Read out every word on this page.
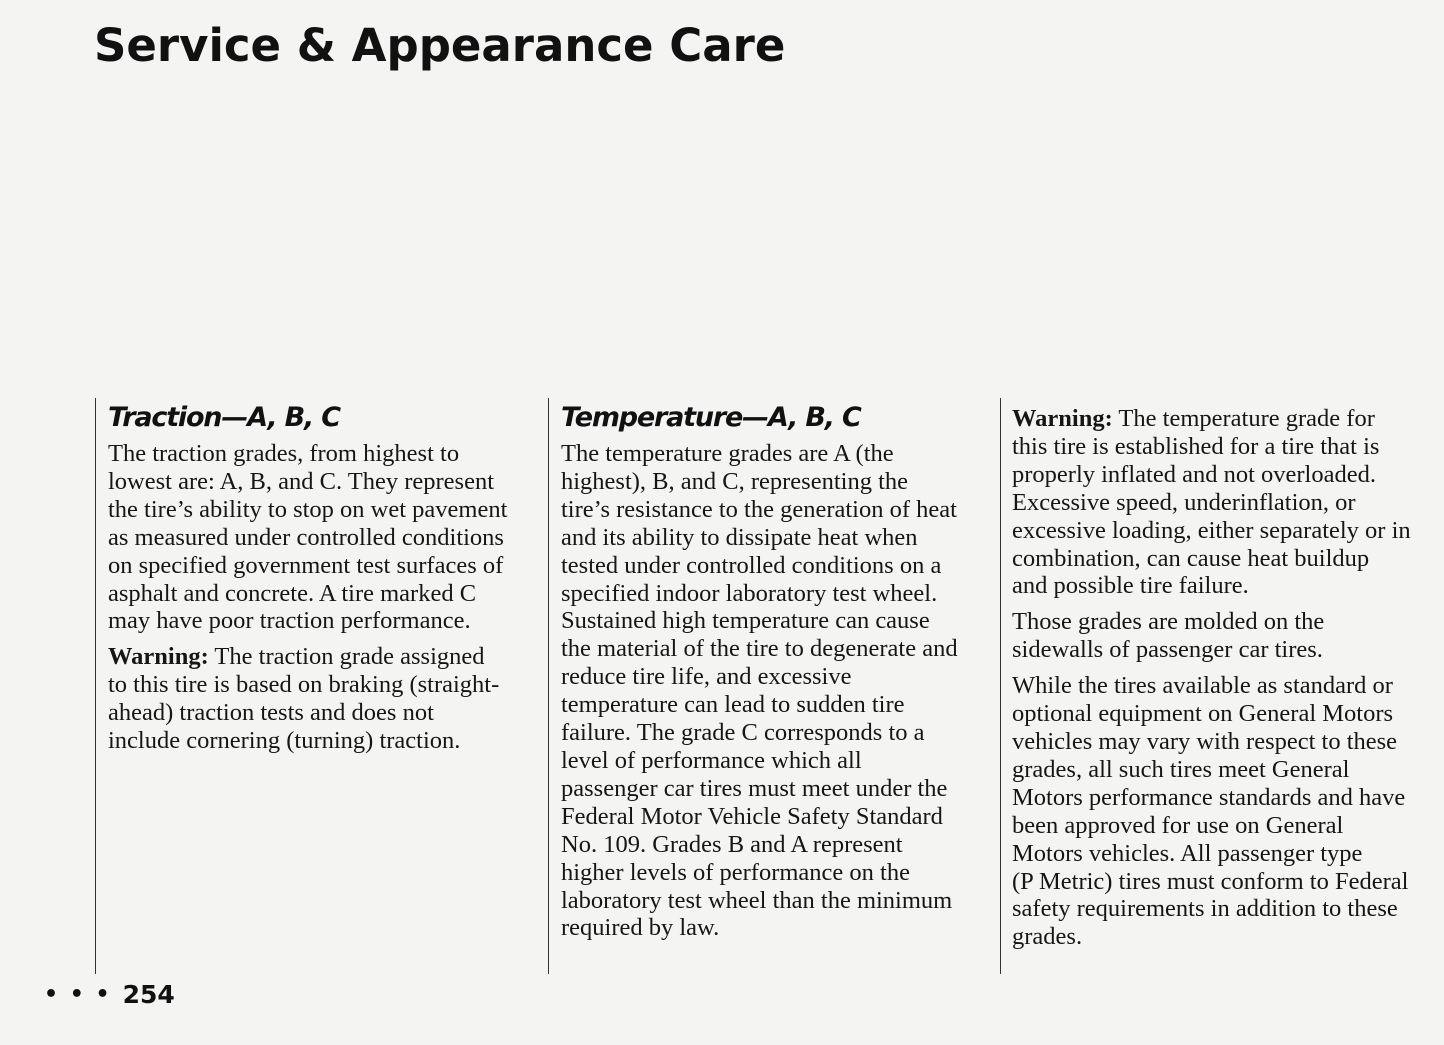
Service & Appearance Care
Traction—A, B, C

The traction grades, from highest to
lowest are: A, B, and C. They represent
the tire’s ability to stop on wet pavement
as measured under controlled conditions
on specified government test surfaces of
asphalt and concrete. A tire marked C
may have poor traction performance.

Warning: The traction grade assigned
to this tire is based on braking (straight-
ahead) traction tests and does not
include cornering (turning) traction.

Temperature—A, B, C

The temperature grades are A (the
highest), B, and C, representing the
tire’s resistance to the generation of heat
and its ability to dissipate heat when
tested under controlled conditions on a
specified indoor laboratory test wheel.
Sustained high temperature can cause
the material of the tire to degenerate and
reduce tire life, and excessive
temperature can lead to sudden tire
failure. The grade C corresponds to a
level of performance which all
passenger car tires must meet under the
Federal Motor Vehicle Safety Standard
No. 109. Grades B and A represent
higher levels of performance on the
laboratory test wheel than the minimum
required by law.

Warning: The temperature grade for
this tire is established for a tire that is
properly inflated and not overloaded.
Excessive speed, underinflation, or
excessive loading, either separately or in
combination, can cause heat buildup
and possible tire failure.

Those grades are molded on the
sidewalls of passenger car tires.

While the tires available as standard or
optional equipment on General Motors
vehicles may vary with respect to these
grades, all such tires meet General
Motors performance standards and have
been approved for use on General
Motors vehicles. All passenger type
(P Metric) tires must conform to Federal
safety requirements in addition to these
grades.

• • • 254
